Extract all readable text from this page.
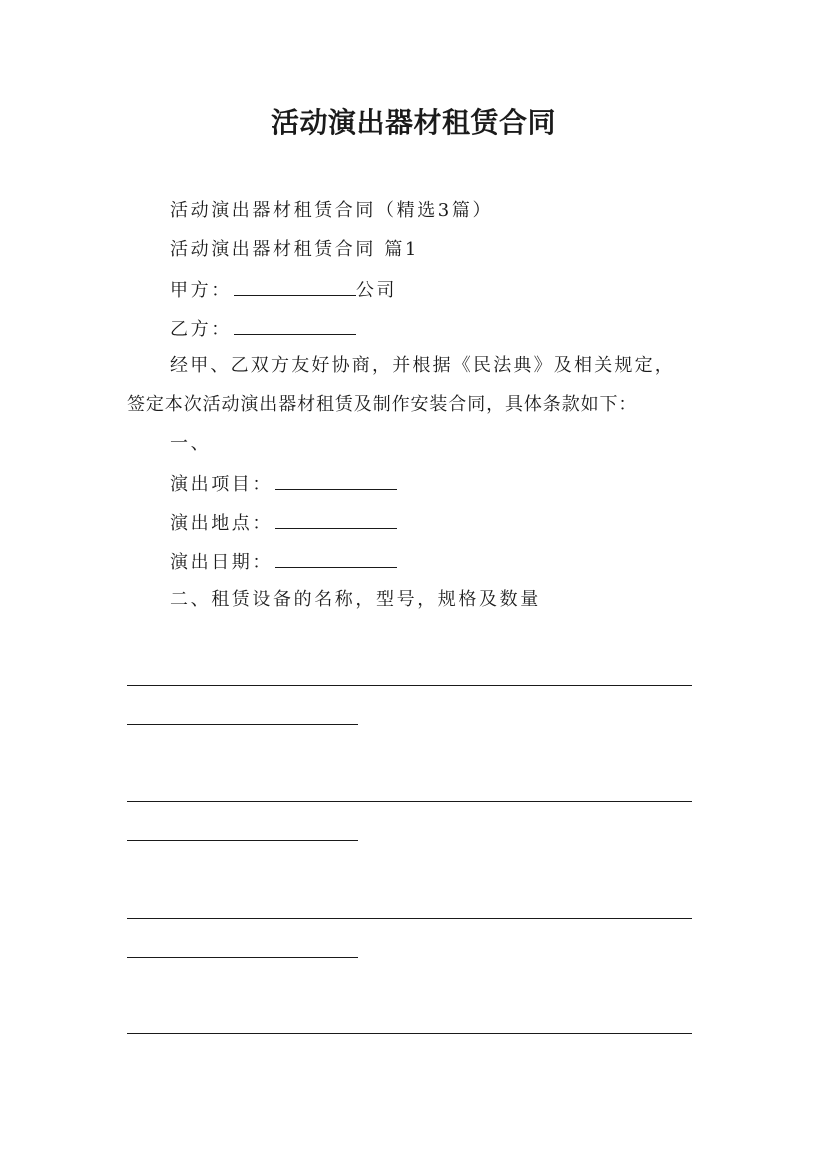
活动演出器材租赁合同
活动演出器材租赁合同（精选3篇）
活动演出器材租赁合同 篇1
甲方：	公司
乙方：
经甲、乙双方友好协商，并根据《民法典》及相关规定，
签定本次活动演出器材租赁及制作安装合同，具体条款如下：
一、
演出项目：
演出地点：
演出日期：
二、租赁设备的名称，型号，规格及数量
